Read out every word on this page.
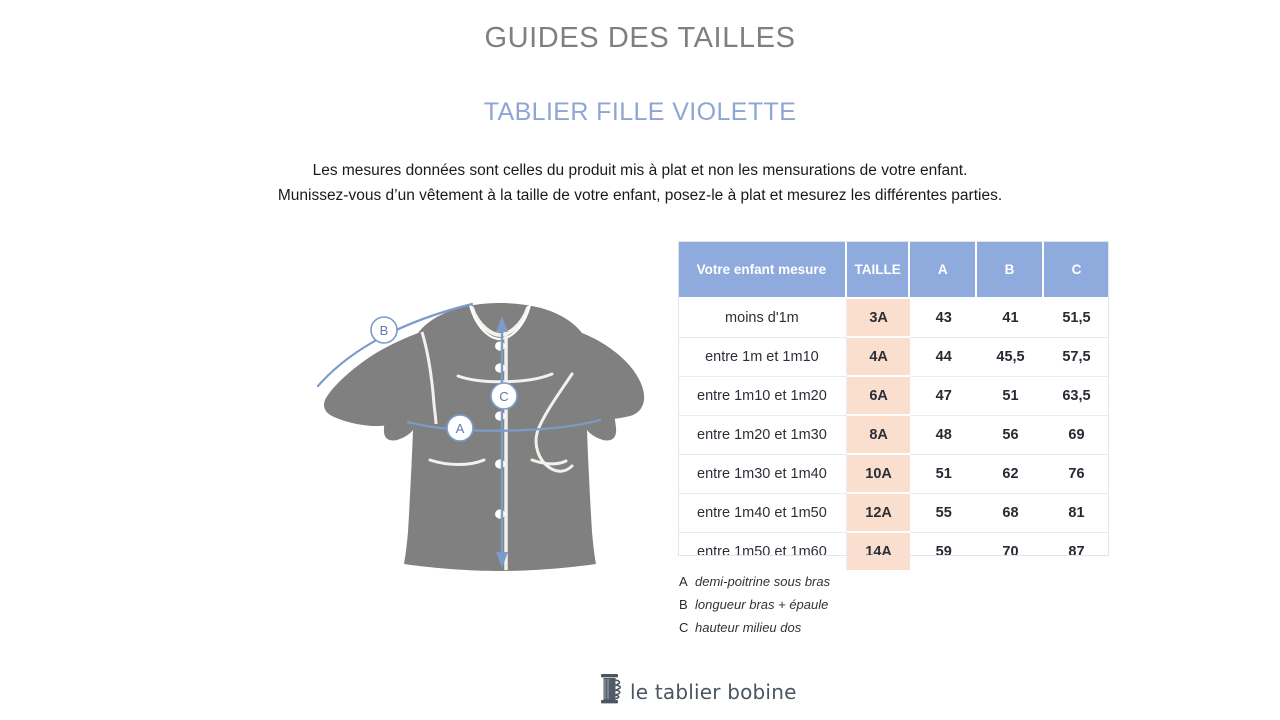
GUIDES DES TAILLES
TABLIER FILLE VIOLETTE
Les mesures données sont celles du produit mis à plat et non les mensurations de votre enfant.
Munissez-vous d’un vêtement à la taille de votre enfant, posez-le à plat et mesurez les différentes parties.
C
A
B
Votre enfant mesure	TAILLE	A	B	C
moins d'1m	3A	43	41	51,5
entre 1m et 1m10	4A	44	45,5	57,5
entre 1m10 et 1m20	6A	47	51	63,5
entre 1m20 et 1m30	8A	48	56	69
entre 1m30 et 1m40	10A	51	62	76
entre 1m40 et 1m50	12A	55	68	81
entre 1m50 et 1m60	14A	59	70	87
A demi-poitrine sous bras
B longueur bras + épaule
C hauteur milieu dos
le tablier bobine
